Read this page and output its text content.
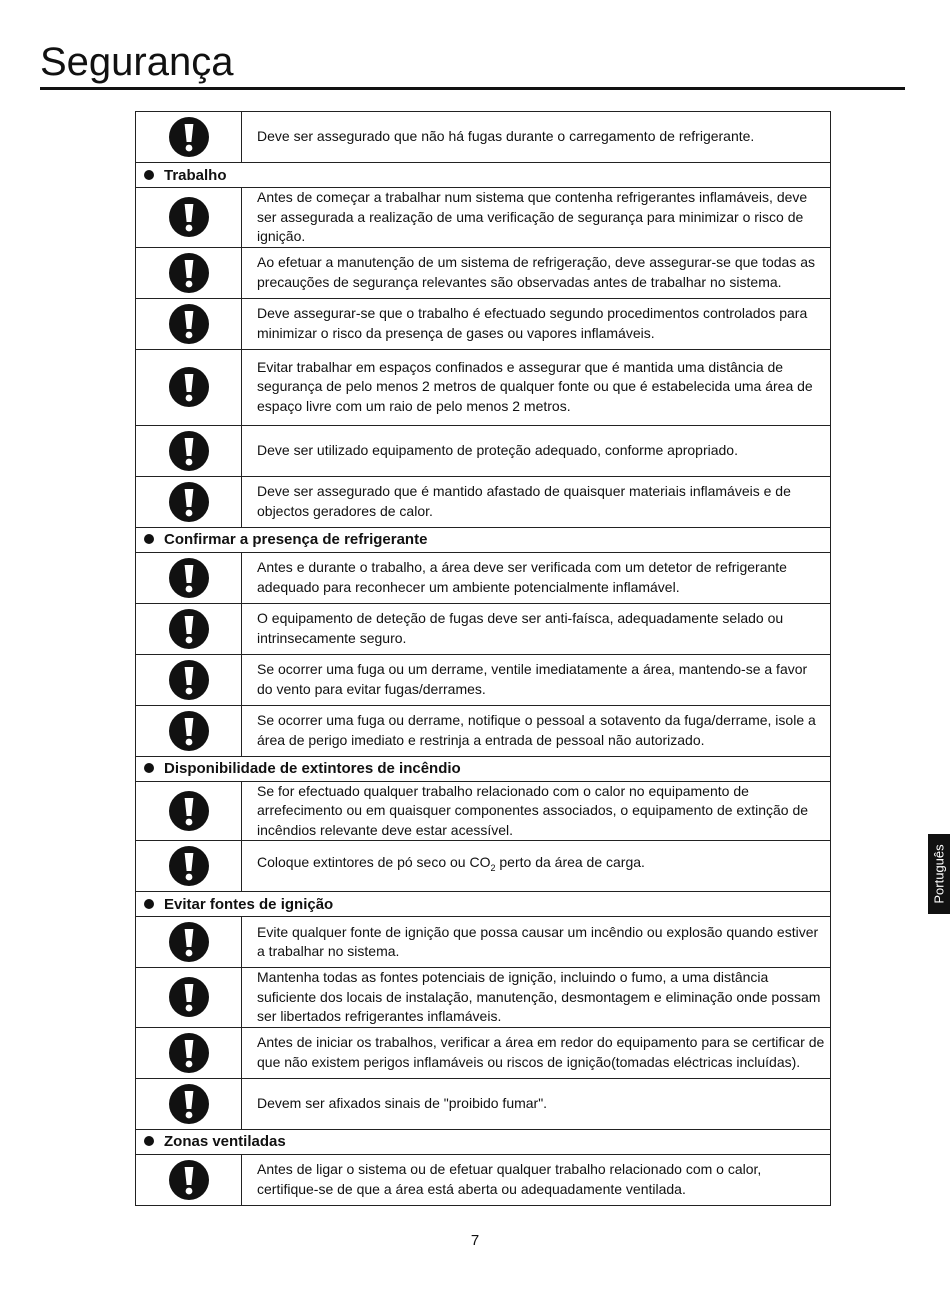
Segurança
	Deve ser assegurado que não há fugas durante o carregamento de refrigerante.
Trabalho	

	Antes de começar a trabalhar num sistema que contenha refrigerantes inflamáveis, deve ser assegurada a realização de uma verificação de segurança para minimizar o risco de ignição.

	Ao efetuar a manutenção de um sistema de refrigeração, deve assegurar-se que todas as precauções de segurança relevantes são observadas antes de trabalhar no sistema.

	Deve assegurar-se que o trabalho é efectuado segundo procedimentos controlados para minimizar o risco da presença de gases ou vapores inflamáveis.

	Evitar trabalhar em espaços confinados e assegurar que é mantida uma distância de segurança de pelo menos 2 metros de qualquer fonte ou que é estabelecida uma área de espaço livre com um raio de pelo menos 2 metros.

	Deve ser utilizado equipamento de proteção adequado, conforme apropriado.

	Deve ser assegurado que é mantido afastado de quaisquer materiais inflamáveis e de objectos geradores de calor.
Confirmar a presença de refrigerante	

	Antes e durante o trabalho, a área deve ser verificada com um detetor de refrigerante adequado para reconhecer um ambiente potencialmente inflamável.

	O equipamento de deteção de fugas deve ser anti-faísca, adequadamente selado ou intrinsecamente seguro.

	Se ocorrer uma fuga ou um derrame, ventile imediatamente a área, mantendo-se a favor do vento para evitar fugas/derrames.

	Se ocorrer uma fuga ou derrame, notifique o pessoal a sotavento da fuga/derrame, isole a área de perigo imediato e restrinja a entrada de pessoal não autorizado.
Disponibilidade de extintores de incêndio	

	Se for efectuado qualquer trabalho relacionado com o calor no equipamento de arrefecimento ou em quaisquer componentes associados, o equipamento de extinção de incêndios relevante deve estar acessível.

	Coloque extintores de pó seco ou $CO_2$ perto da área de carga.
Evitar fontes de ignição	

	Evite qualquer fonte de ignição que possa causar um incêndio ou explosão quando estiver a trabalhar no sistema.

	Mantenha todas as fontes potenciais de ignição, incluindo o fumo, a uma distância suficiente dos locais de instalação, manutenção, desmontagem e eliminação onde possam ser libertados refrigerantes inflamáveis.

	Antes de iniciar os trabalhos, verificar a área em redor do equipamento para se certificar de que não existem perigos inflamáveis ou riscos de ignição(tomadas eléctricas incluídas).

	Devem ser afixados sinais de "proibido fumar".
Zonas ventiladas	

	Antes de ligar o sistema ou de efetuar qualquer trabalho relacionado com o calor, certifique-se de que a área está aberta ou adequadamente ventilada.
7
Português
